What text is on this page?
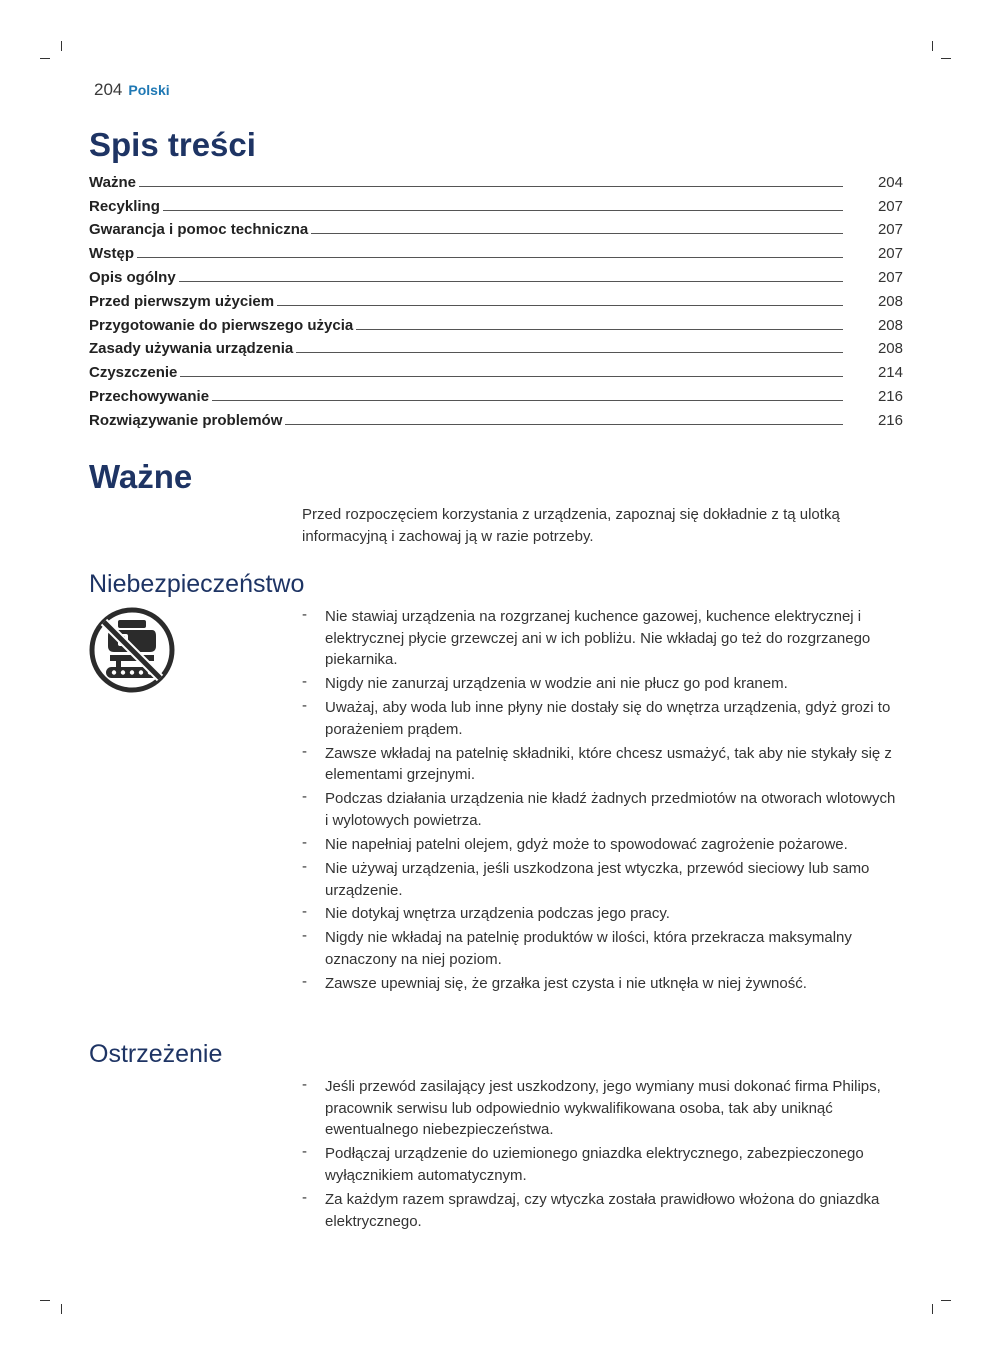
204 Polski
Spis treści
Ważne	204
Recykling	207
Gwarancja i pomoc techniczna	207
Wstęp	207
Opis ogólny	207
Przed pierwszym użyciem	208
Przygotowanie do pierwszego użycia	208
Zasady używania urządzenia	208
Czyszczenie	214
Przechowywanie	216
Rozwiązywanie problemów	216
Ważne

Przed rozpoczęciem korzystania z urządzenia, zapoznaj się dokładnie z tą ulotką informacyjną i zachowaj ją w razie potrzeby.

Niebezpieczeństwo
- Nie stawiaj urządzenia na rozgrzanej kuchence gazowej, kuchence elektrycznej i elektrycznej płycie grzewczej ani w ich pobliżu. Nie wkładaj go też do rozgrzanego piekarnika.
- Nigdy nie zanurzaj urządzenia w wodzie ani nie płucz go pod kranem.
- Uważaj, aby woda lub inne płyny nie dostały się do wnętrza urządzenia, gdyż grozi to porażeniem prądem.
- Zawsze wkładaj na patelnię składniki, które chcesz usmażyć, tak aby nie stykały się z elementami grzejnymi.
- Podczas działania urządzenia nie kładź żadnych przedmiotów na otworach wlotowych i wylotowych powietrza.
- Nie napełniaj patelni olejem, gdyż może to spowodować zagrożenie pożarowe.
- Nie używaj urządzenia, jeśli uszkodzona jest wtyczka, przewód sieciowy lub samo urządzenie.
- Nie dotykaj wnętrza urządzenia podczas jego pracy.
- Nigdy nie wkładaj na patelnię produktów w ilości, która przekracza maksymalny oznaczony na niej poziom.
- Zawsze upewniaj się, że grzałka jest czysta i nie utknęła w niej żywność.
Ostrzeżenie
- Jeśli przewód zasilający jest uszkodzony, jego wymiany musi dokonać firma Philips, pracownik serwisu lub odpowiednio wykwalifikowana osoba, tak aby uniknąć ewentualnego niebezpieczeństwa.
- Podłączaj urządzenie do uziemionego gniazdka elektrycznego, zabezpieczonego wyłącznikiem automatycznym.
- Za każdym razem sprawdzaj, czy wtyczka została prawidłowo włożona do gniazdka elektrycznego.
